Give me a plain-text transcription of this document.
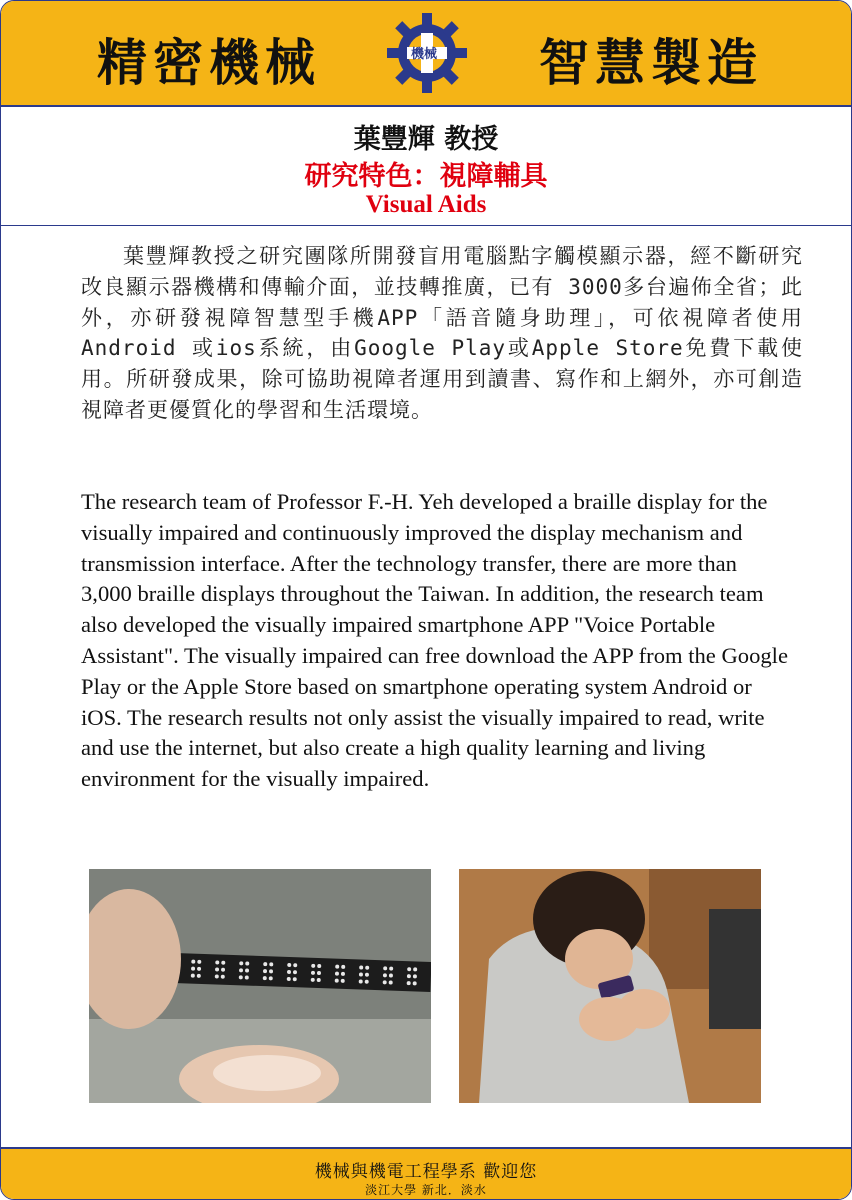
精密機械	機械 智慧製造
葉豐輝 教授
研究特色：視障輔具
Visual Aids

葉豐輝教授之研究團隊所開發盲用電腦點字觸模顯示器，經不斷研究改良顯示器機構和傳輸介面，並技轉推廣，已有 3000多台遍佈全省；此外，亦研發視障智慧型手機APP「語音隨身助理」，可依視障者使用Android 或ios系統，由Google Play或Apple Store免費下載使用。所研發成果，除可協助視障者運用到讀書、寫作和上網外，亦可創造視障者更優質化的學習和生活環境。

The research team of Professor F.-H. Yeh developed a braille display for the visually impaired and continuously improved the display mechanism and transmission interface. After the technology transfer, there are more than 3,000 braille displays throughout the Taiwan. In addition, the research team also developed the visually impaired smartphone APP "Voice Portable Assistant". The visually impaired can free download the APP from the Google Play or the Apple Store based on smartphone operating system Android or iOS. The research results not only assist the visually impaired to read, write and use the internet, but also create a high quality learning and living environment for the visually impaired.

機械與機電工程學系 歡迎您
淡江大學 新北．淡水
